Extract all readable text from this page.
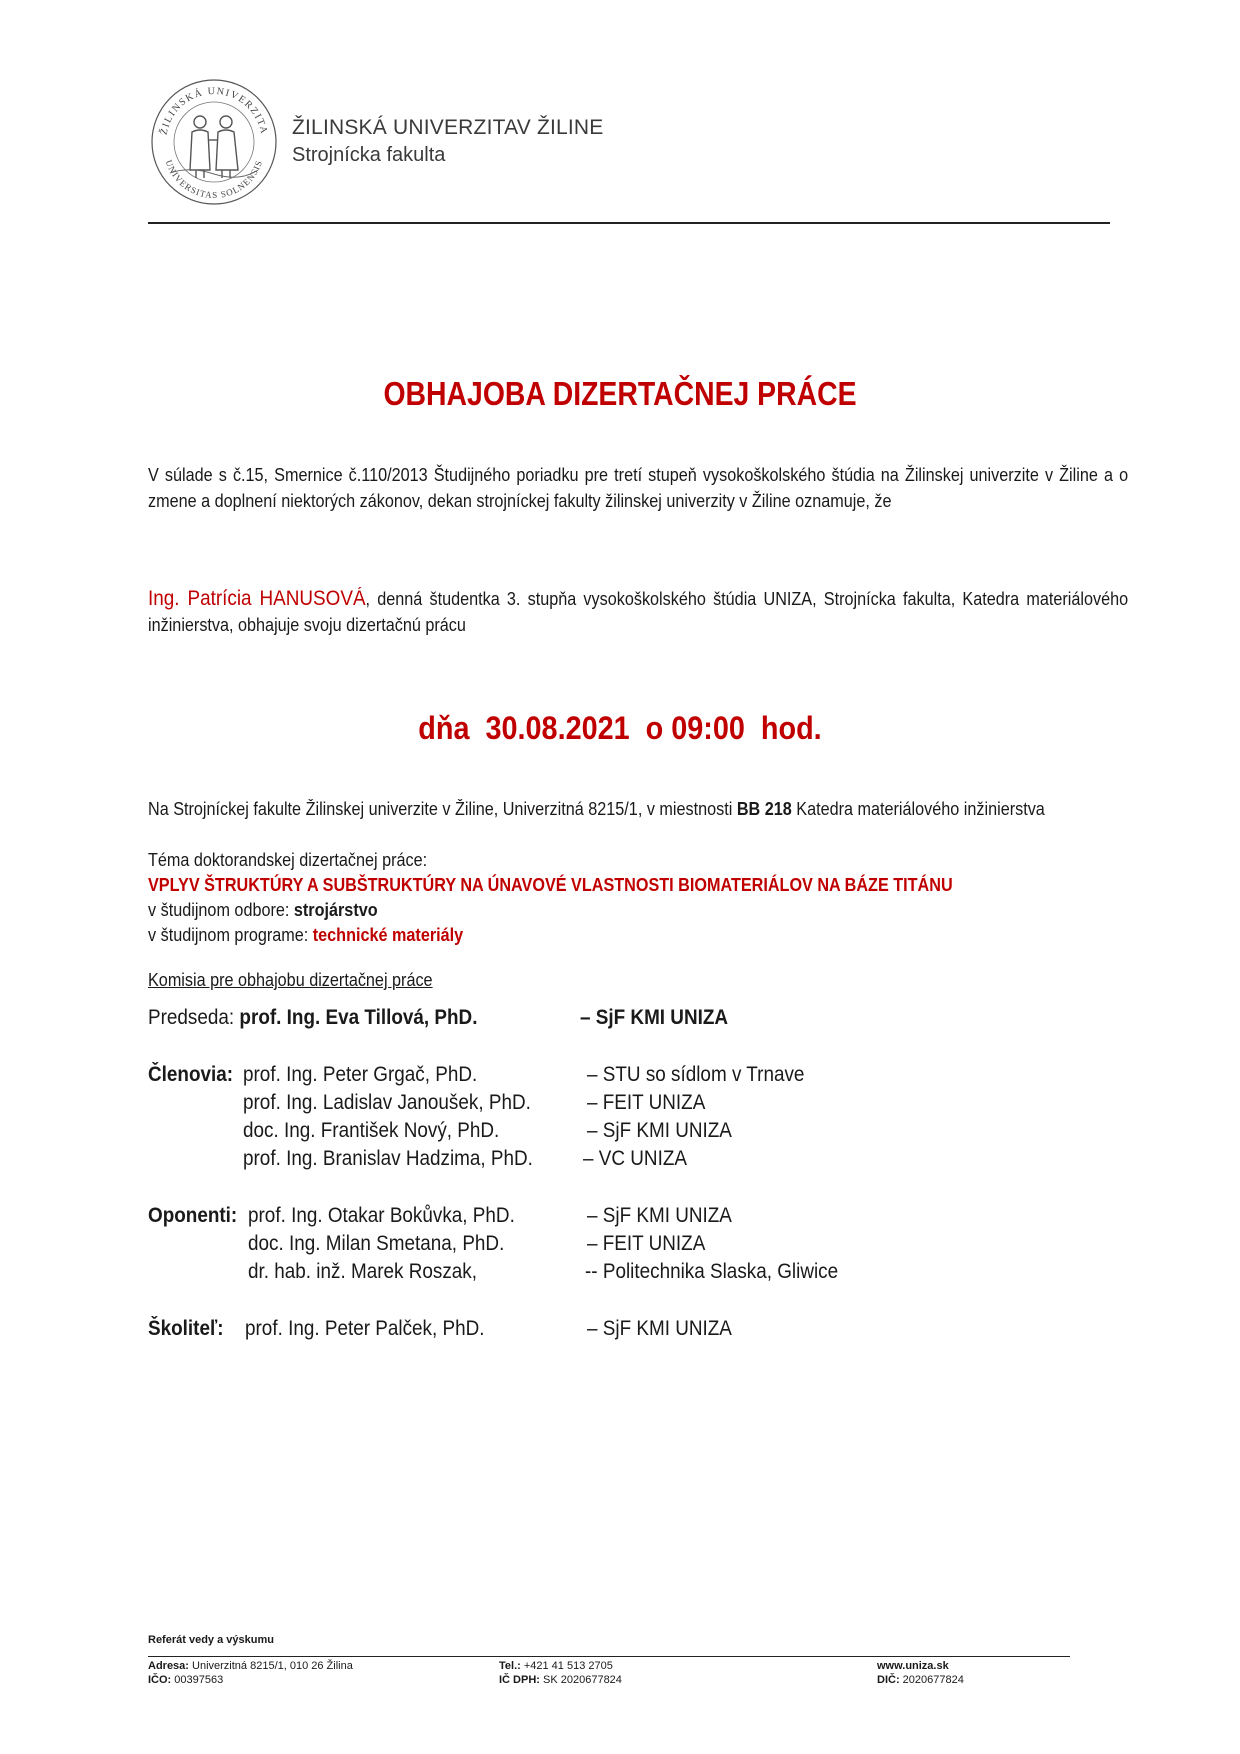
ŽILINSKÁ UNIVERZITA
UNIVERSITAS SOLNENSIS
ŽILINSKÁ UNIVERZITAV ŽILINE
Strojnícka fakulta
OBHAJOBA DIZERTAČNEJ PRÁCE
V súlade s č.15, Smernice č.110/2013 Študijného poriadku pre tretí stupeň vysokoškolského štúdia na Žilinskej univerzite v Žiline a o zmene a doplnení niektorých zákonov, dekan strojníckej fakulty žilinskej univerzity v Žiline oznamuje, že
Ing. Patrícia HANUSOVÁ, denná študentka 3. stupňa vysokoškolského štúdia UNIZA, Strojnícka fakulta, Katedra materiálového inžinierstva, obhajuje svoju dizertačnú prácu
dňa  30.08.2021  o 09:00  hod.
Na Strojníckej fakulte Žilinskej univerzite v Žiline, Univerzitná 8215/1, v miestnosti BB 218 Katedra materiálového inžinierstva
Téma doktorandskej dizertačnej práce:
VPLYV ŠTRUKTÚRY A SUBŠTRUKTÚRY NA ÚNAVOVÉ VLASTNOSTI BIOMATERIÁLOV NA BÁZE TITÁNU
v študijnom odbore: strojárstvo
v študijnom programe: technické materiály
Komisia pre obhajobu dizertačnej práce
Predseda: prof. Ing. Eva Tillová, PhD.	– SjF KMI UNIZA
Členovia: prof. Ing. Peter Grgač, PhD.	– STU so sídlom v Trnave
prof. Ing. Ladislav Janoušek, PhD.	– FEIT UNIZA
doc. Ing. František Nový, PhD.	– SjF KMI UNIZA
prof. Ing. Branislav Hadzima, PhD. – VC UNIZA
Oponenti: prof. Ing. Otakar Bokůvka, PhD.	– SjF KMI UNIZA
doc. Ing. Milan Smetana, PhD.	– FEIT UNIZA
dr. hab. inž. Marek Roszak,	-- Politechnika Slaska, Gliwice
Školiteľ: prof. Ing. Peter Palček, PhD.	– SjF KMI UNIZA
Referát vedy a výskumu
Adresa: Univerzitná 8215/1, 010 26 Žilina
IČO: 00397563
Tel.: +421 41 513 2705
IČ DPH: SK 2020677824
www.uniza.sk
DIČ: 2020677824
